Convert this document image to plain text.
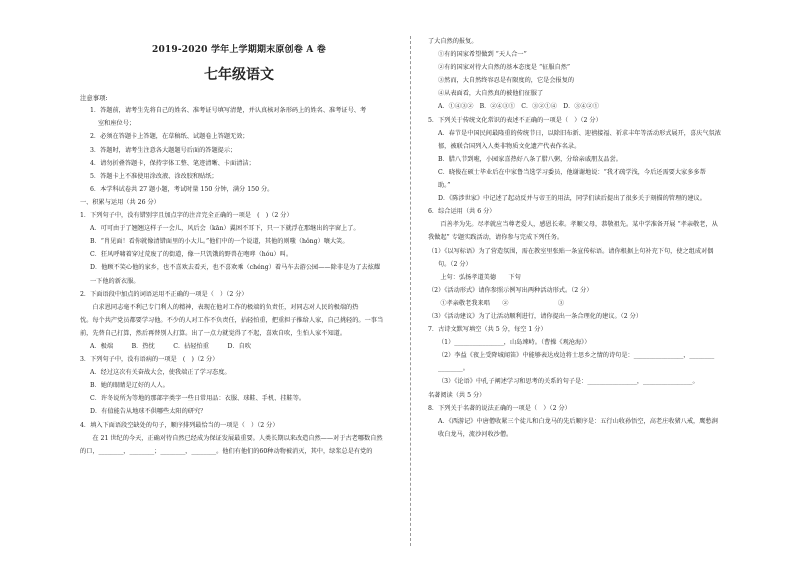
2019-2020 学年上学期期末原创卷 A 卷
七年级语文
注意事项:
1．答题前，请考生先将自己的姓名、准考证号填写清楚，并认真核对条形码上的姓名、准考证号、考
室和座位号；
2．必须在答题卡上答题，在草稿纸、试题卷上答题无效；
3．答题时，请考生注意各大题题号后面的答题提示；
4．请勿折叠答题卡，保持字体工整、笔迹清晰、卡面清洁；
5．答题卡上不准使用涂改液、涂改胶和贴纸；
6．本学科试卷共 27 题小题，考试时量 150 分钟，满分 150 分。
一、积累与运用（共 26 分）
1．下列句子中，没有错别字且加点字的注音完全正确的一项是　(　)（2 分）
A．可可由于了翘翘这样子一会儿，风后会（kān）翼困不耳下，只一下就浮在那继出的字窗上了。
B．“肖见面！看你就像清错面里的小大儿。”他们中的一个说道，其他的则嗤（hǒng）嚷大笑。
C．狂风呼啸着穿过荒废了的街道，像一只饥饿的野兽在咆哮（hóu）叫。
D．他顾不笑心他的家乡，也不喜欢去看天，也不喜欢乘（chéng）着马车去游公园——除非是为了去炫耀
一下他的新衣服。
2．下面语段中加点的词语运用不正确的一项是（　）（2 分）
　　白求恩同志毫不利己专门利人的精神，表现在他对工作的极端的负责任，对同志对人民的极端的热
忱。每个共产党员都要学习他。不少的人对工作不负责任，拈轻怕重，把重担子推给人家，自己挑轻的。一事当
前，先替自己打算，然后再替别人打算。出了一点力就觉得了不起，喜欢自吹，生怕人家不知道。
A．极端　　　B．热忱　　　C．拈轻怕重　　　D．自吹
3．下列句子中，没有语病的一项是　(　)（2 分）
A．经过这次有关奋战大会，使我端正了学习态度。
B．她的眼睛是辽好的人人。
C．许冬说所为等地的那部字类字一些日常用品：衣服、球鞋、手机、挂鞋等。
D．有值能告从地球不供哪些太阳的研究？
4．填入下面语段空缺处的句子，顺序排列最恰当的一项是（　）（2 分）
　　在 21 世纪的今天，正确对待自然已经成为保证发展最重要。人类长期以来改造自然——对于古老哪数自然
的口，________，________；________，________。他们有他们的60种动物被消灭，其中，绿浆总是有党的
了大自然的报复。
①有的国家希望做到 “天人合一”
②有的国家对待大自然的基本态度是 “征服自然”
③然而，大自然终容忍是有限度的，它是会报复的
④从表面看，大自然真的被他们征服了
A．①④③②　B．②④③①　C．③②①④　D．③④②①
5．下列关于传统文化常识的表述不正确的一项是（　）（2 分）
A．春节是中国民间最隆重的传统节日，以除旧布新、迎禧接福、祈求丰年等活动形式展开，喜庆气氛浓
郁，被联合国列入人类非物质文化遗产代表作名录。
B．腊八节到啦，小园家喜热好八条了腊八粥，分给亲戚朋友品尝。
C．晓俊在硕士毕业后在中家鲁当选学习委员，他谢谢地说：“我才疏学浅，今后还需要大家多多帮
助。”
D．《陈涉世家》中记述了起动反并与帝王的用法，同学们读后提出了很多关于刻描的管理的建议。
6．综合运用（共 6 分）
　　百善孝为先。尽孝就应当尊老爱人，感恩长辈。孝顺父母，恭敬祖先。某中学准备开展 “孝亲敬老，从
我做起” 专题实践活动，请你参与完成下列任务。
（1）《以写标语》为了营造氛围，需在教室里张贴一条宣传标语。请你根据上句补充下句，使之组成对偶
句。（2 分）
　　上句：弘扬孝道美德　　下句
（2）《活动形式》请你参照示例写出两种活动形式。（2 分）
　　①孝亲敬老我来唱　　②　　　　　　　　③
（3）《活动建议》为了让活动顺利进行，请你提出一条合理化的建议。（2 分）
7．古诗文默写填空（共 5 分，每空 1 分）
（1）________________，山岛竦峙。（曹操《观沧海》）
（2）李益《夜上受降城闻笛》中能够表达戍边将士思乡之情的诗句是：________________，________
________。
（3）《论语》中孔子阐述学习和思考的关系的句子是：________________，________________。
名著阅读（共 5 分）
8．下列关于名著的说法正确的一项是（　）（2 分）
A．《西游记》中唐僧收紧三个徒儿和白龙马的先后顺序是：五行山收孙悟空，高老庄收猪八戒，鹰愁涧
收白龙马，流沙河收沙僧。
